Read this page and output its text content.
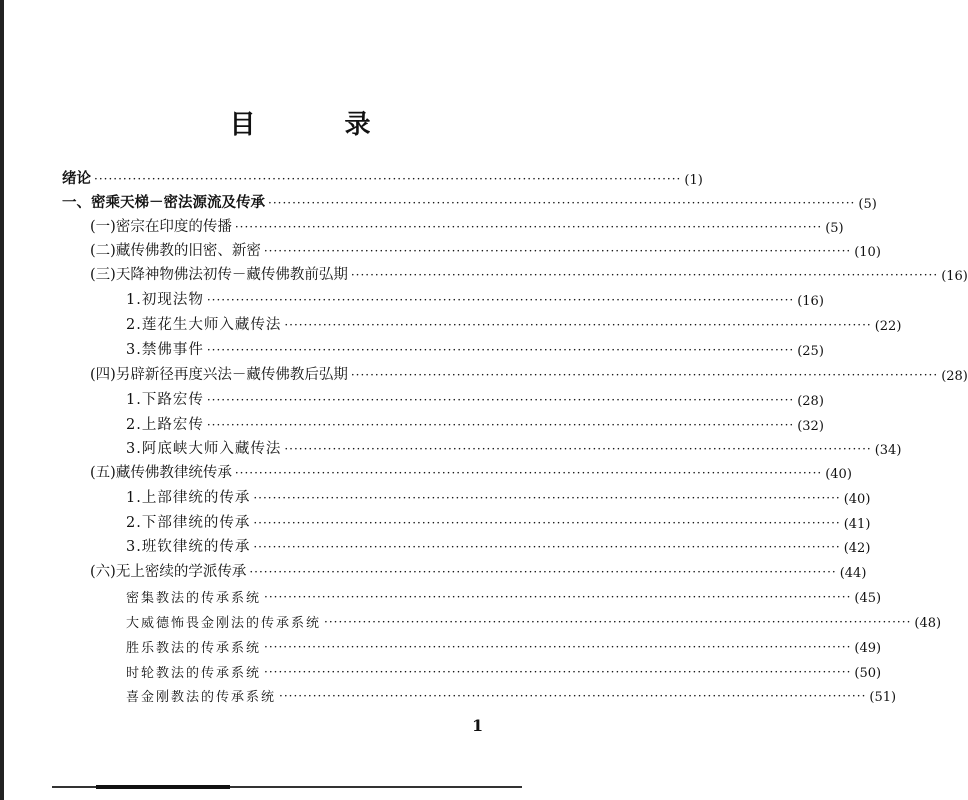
目 录
绪论 ·························································································································· (1)
一、密乘天梯－密法源流及传承 ·························································································································· (5)
(一)密宗在印度的传播 ·························································································································· (5)
(二)藏传佛教的旧密、新密 ·························································································································· (10)
(三)天降神物佛法初传－藏传佛教前弘期 ·························································································································· (16)
1.初现法物 ·························································································································· (16)
2.莲花生大师入藏传法 ·························································································································· (22)
3.禁佛事件 ·························································································································· (25)
(四)另辟新径再度兴法－藏传佛教后弘期 ·························································································································· (28)
1.下路宏传 ·························································································································· (28)
2.上路宏传 ·························································································································· (32)
3.阿底峡大师入藏传法 ·························································································································· (34)
(五)藏传佛教律统传承 ·························································································································· (40)
1.上部律统的传承 ·························································································································· (40)
2.下部律统的传承 ·························································································································· (41)
3.班钦律统的传承 ·························································································································· (42)
(六)无上密续的学派传承 ·························································································································· (44)
密集教法的传承系统 ·························································································································· (45)
大威德怖畏金刚法的传承系统 ·························································································································· (48)
胜乐教法的传承系统 ·························································································································· (49)
时轮教法的传承系统 ·························································································································· (50)
喜金刚教法的传承系统 ·························································································································· (51)
1
